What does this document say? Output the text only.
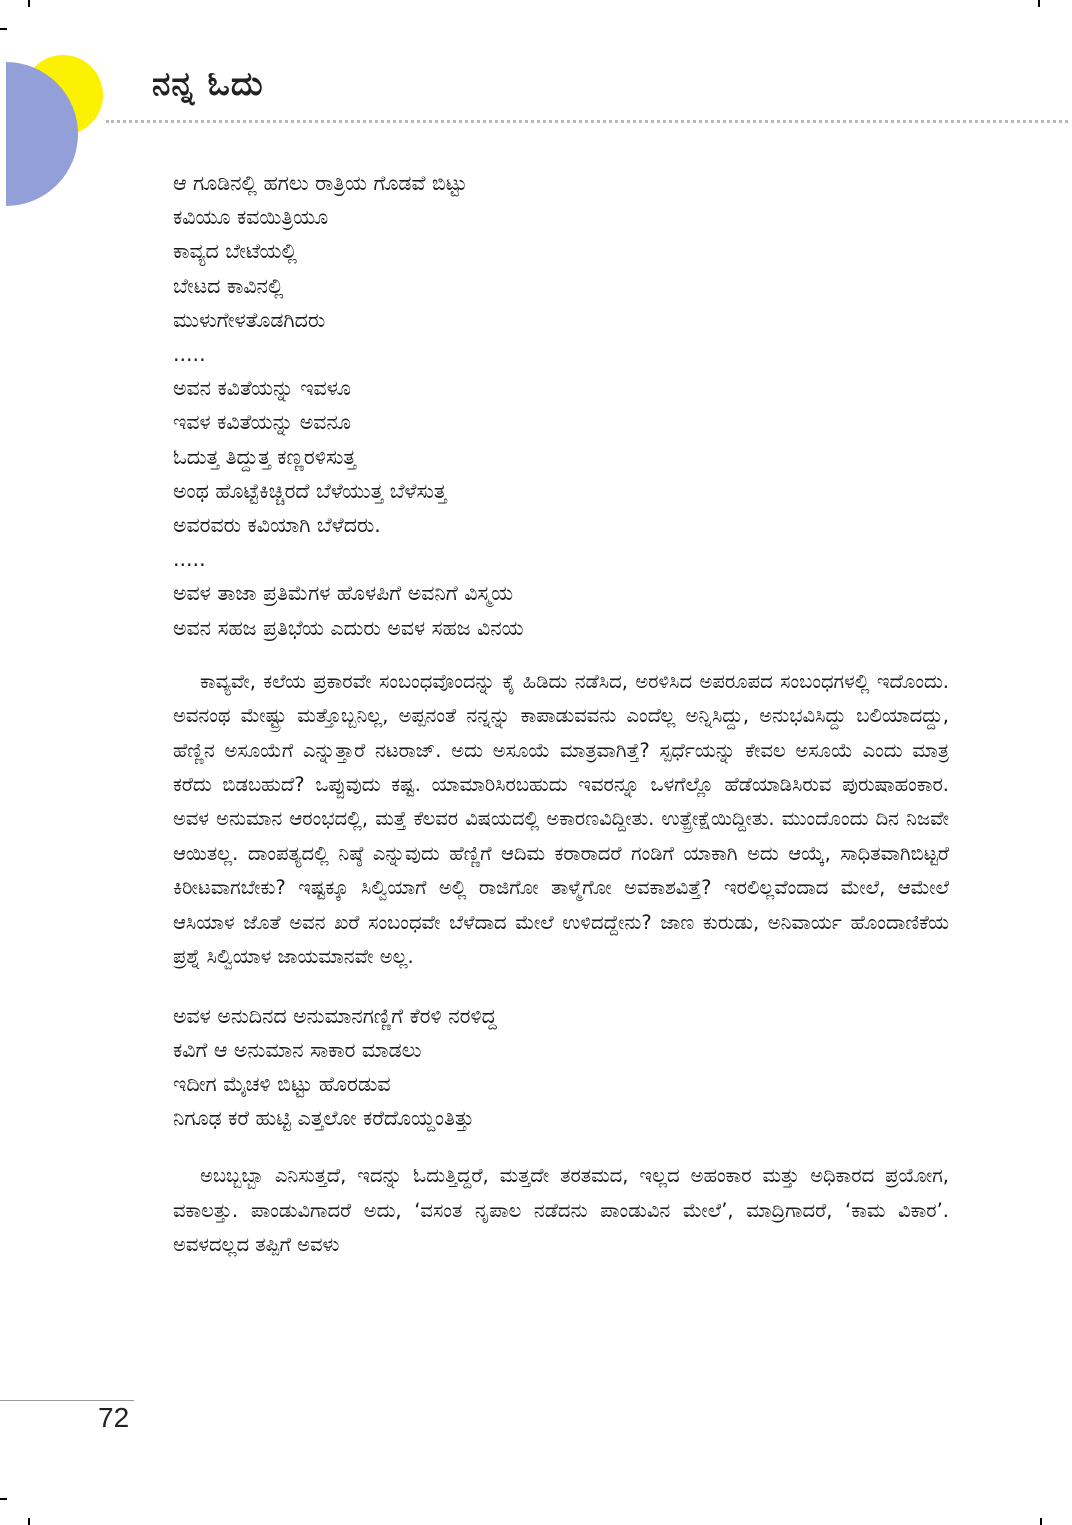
ನನ್ನ ಓದು
ಆ ಗೂಡಿನಲ್ಲಿ ಹಗಲು ರಾತ್ರಿಯ ಗೊಡವೆ ಬಿಟ್ಟು
ಕವಿಯೂ ಕವಯಿತ್ರಿಯೂ
ಕಾವ್ಯದ ಬೇಟೆಯಲ್ಲಿ
ಬೇಟದ ಕಾವಿನಲ್ಲಿ
ಮುಳುಗೇಳತೊಡಗಿದರು
.....
ಅವನ ಕವಿತೆಯನ್ನು ಇವಳೂ
ಇವಳ ಕವಿತೆಯನ್ನು ಅವನೂ
ಓದುತ್ತ ತಿದ್ದುತ್ತ ಕಣ್ಣರಳಿಸುತ್ತ
ಅಂಥ ಹೊಟ್ಟೆಕಿಚ್ಚಿರದೆ ಬೆಳೆಯುತ್ತ ಬೆಳೆಸುತ್ತ
ಅವರವರು ಕವಿಯಾಗಿ ಬೆಳೆದರು.
.....
ಅವಳ ತಾಜಾ ಪ್ರತಿಮೆಗಳ ಹೊಳಪಿಗೆ ಅವನಿಗೆ ವಿಸ್ಮಯ
ಅವನ ಸಹಜ ಪ್ರತಿಭೆಯ ಎದುರು ಅವಳ ಸಹಜ ವಿನಯ

ಕಾವ್ಯವೇ, ಕಲೆಯ ಪ್ರಕಾರವೇ ಸಂಬಂಧವೊಂದನ್ನು ಕೈ ಹಿಡಿದು ನಡೆಸಿದ, ಅರಳಿಸಿದ ಅಪರೂಪದ ಸಂಬಂಧಗಳಲ್ಲಿ ಇದೊಂದು. ಅವನಂಥ ಮೇಷ್ಟ್ರು ಮತ್ತೊಬ್ಬನಿಲ್ಲ, ಅಪ್ಪನಂತೆ ನನ್ನನ್ನು ಕಾಪಾಡುವವನು ಎಂದೆಲ್ಲ ಅನ್ನಿಸಿದ್ದು, ಅನುಭವಿಸಿದ್ದು ಬಲಿಯಾದದ್ದು, ಹೆಣ್ಣಿನ ಅಸೂಯೆಗೆ ಎನ್ನುತ್ತಾರೆ ನಟರಾಜ್. ಅದು ಅಸೂಯೆ ಮಾತ್ರವಾಗಿತ್ತೆ? ಸ್ಪರ್ಧೆಯನ್ನು ಕೇವಲ ಅಸೂಯೆ ಎಂದು ಮಾತ್ರ ಕರೆದು ಬಿಡಬಹುದೆ? ಒಪ್ಪುವುದು ಕಷ್ಟ. ಯಾಮಾರಿಸಿರಬಹುದು ಇವರನ್ನೂ ಒಳಗೆಲ್ಲೊ ಹೆಡೆಯಾಡಿಸಿರುವ ಪುರುಷಾಹಂಕಾರ. ಅವಳ ಅನುಮಾನ ಆರಂಭದಲ್ಲಿ, ಮತ್ತೆ ಕೆಲವರ ವಿಷಯದಲ್ಲಿ ಅಕಾರಣವಿದ್ದೀತು. ಉತ್ಪ್ರೇಕ್ಷೆಯಿದ್ದೀತು. ಮುಂದೊಂದು ದಿನ ನಿಜವೇ ಆಯಿತಲ್ಲ. ದಾಂಪತ್ಯದಲ್ಲಿ ನಿಷ್ಠೆ ಎನ್ನುವುದು ಹೆಣ್ಣಿಗೆ ಆದಿಮ ಕರಾರಾದರೆ ಗಂಡಿಗೆ ಯಾಕಾಗಿ ಅದು ಆಯ್ಕೆ, ಸಾಧಿತವಾಗಿಬಿಟ್ಟರೆ ಕಿರೀಟವಾಗಬೇಕು? ಇಷ್ಟಕ್ಕೂ ಸಿಲ್ವಿಯಾಗೆ ಅಲ್ಲಿ ರಾಜಿಗೋ ತಾಳ್ಮೆಗೋ ಅವಕಾಶವಿತ್ತೆ? ಇರಲಿಲ್ಲವೆಂದಾದ ಮೇಲೆ, ಆಮೇಲೆ ಆಸಿಯಾಳ ಜೊತೆ ಅವನ ಖರೆ ಸಂಬಂಧವೇ ಬೆಳೆದಾದ ಮೇಲೆ ಉಳಿದದ್ದೇನು? ಜಾಣ ಕುರುಡು, ಅನಿವಾರ್ಯ ಹೊಂದಾಣಿಕೆಯ ಪ್ರಶ್ನೆ ಸಿಲ್ವಿಯಾಳ ಜಾಯಮಾನವೇ ಅಲ್ಲ.

ಅವಳ ಅನುದಿನದ ಅನುಮಾನಗಣ್ಣಿಗೆ ಕೆರಳಿ ನರಳಿದ್ದ
ಕವಿಗೆ ಆ ಅನುಮಾನ ಸಾಕಾರ ಮಾಡಲು
ಇದೀಗ ಮೈಚಳಿ ಬಿಟ್ಟು ಹೊರಡುವ
ನಿಗೂಢ ಕರೆ ಹುಟ್ಟಿ ಎತ್ತಲೋ ಕರೆದೊಯ್ದಂತಿತ್ತು

ಅಬಬ್ಬಬ್ಬಾ ಎನಿಸುತ್ತದೆ, ಇದನ್ನು ಓದುತ್ತಿದ್ದರೆ, ಮತ್ತದೇ ತರತಮದ, ಇಲ್ಲದ ಅಹಂಕಾರ ಮತ್ತು ಅಧಿಕಾರದ ಪ್ರಯೋಗ, ವಕಾಲತ್ತು. ಪಾಂಡುವಿಗಾದರೆ ಅದು, ‘ವಸಂತ ನೃಪಾಲ ನಡೆದನು ಪಾಂಡುವಿನ ಮೇಲೆ’, ಮಾದ್ರಿಗಾದರೆ, ‘ಕಾಮ ವಿಕಾರ’. ಅವಳದಲ್ಲದ ತಪ್ಪಿಗೆ ಅವಳು

72
